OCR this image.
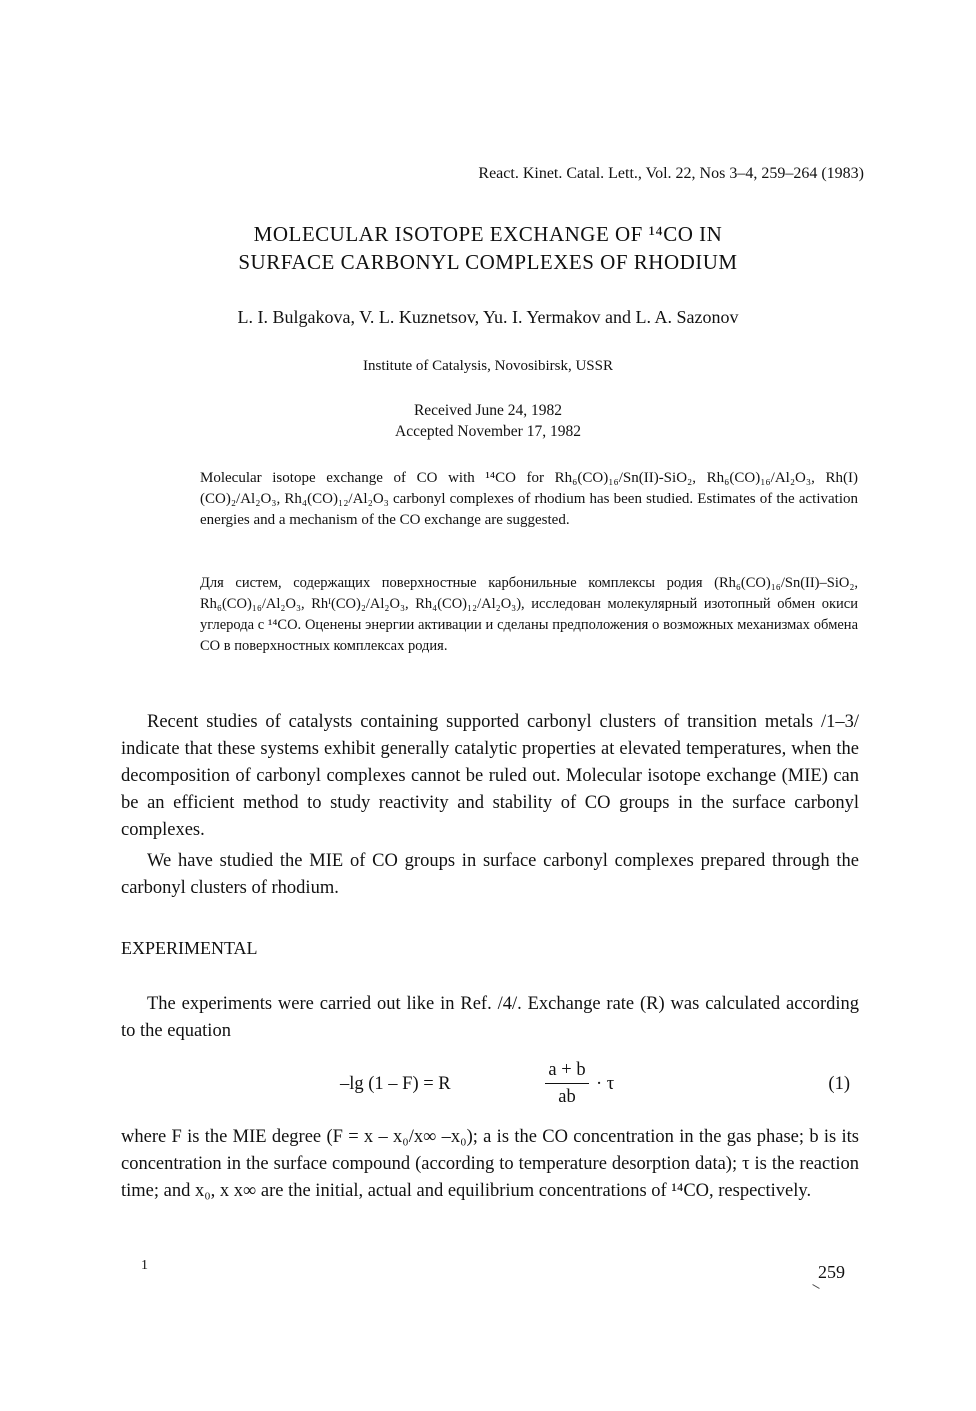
React. Kinet. Catal. Lett., Vol. 22, Nos 3–4, 259–264 (1983)
MOLECULAR ISOTOPE EXCHANGE OF ¹⁴CO IN
SURFACE CARBONYL COMPLEXES OF RHODIUM
L. I. Bulgakova, V. L. Kuznetsov, Yu. I. Yermakov and L. A. Sazonov
Institute of Catalysis, Novosibirsk, USSR
Received June 24, 1982
Accepted November 17, 1982
Molecular isotope exchange of CO with ¹⁴CO for Rh₆(CO)₁₆/Sn(II)-SiO₂, Rh₆(CO)₁₆/Al₂O₃, Rh(I)(CO)₂/Al₂O₃, Rh₄(CO)₁₂/Al₂O₃ carbonyl complexes of rhodium has been studied. Estimates of the activation energies and a mechanism of the CO exchange are suggested.
Для систем, содержащих поверхностные карбонильные комплексы родия (Rh₆(CO)₁₆/Sn(II)–SiO₂, Rh₆(CO)₁₆/Al₂O₃, Rhᴵ(CO)₂/Al₂O₃, Rh₄(CO)₁₂/Al₂O₃), исследован молекулярный изотопный обмен окиси углерода с ¹⁴CO. Оценены энергии активации и сделаны предположения о возможных механизмах обмена CO в поверхностных комплексах родия.
Recent studies of catalysts containing supported carbonyl clusters of transition metals /1–3/ indicate that these systems exhibit generally catalytic properties at elevated temperatures, when the decomposition of carbonyl complexes cannot be ruled out. Molecular isotope exchange (MIE) can be an efficient method to study reactivity and stability of CO groups in the surface carbonyl complexes.
We have studied the MIE of CO groups in surface carbonyl complexes prepared through the carbonyl clusters of rhodium.
EXPERIMENTAL
The experiments were carried out like in Ref. /4/. Exchange rate (R) was calculated according to the equation
–lg (1 – F) = R
a + b
ab
· τ	(1)
where F is the MIE degree (F = x – x₀/x∞ –x₀); a is the CO concentration in the gas phase; b is its concentration in the surface compound (according to temperature desorption data); τ is the reaction time; and x₀, x x∞ are the initial, actual and equilibrium concentrations of ¹⁴CO, respectively.
1	259
